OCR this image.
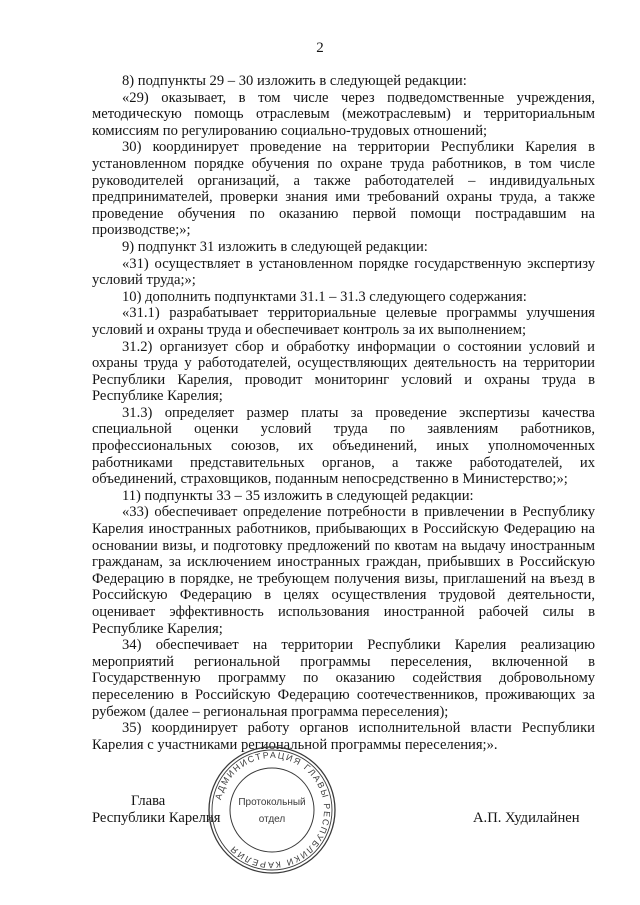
2

8) подпункты 29 – 30 изложить в следующей редакции:

«29) оказывает, в том числе через подведомственные учреждения, методическую помощь отраслевым (межотраслевым) и территориальным комиссиям по регулированию социально-трудовых отношений;

30) координирует проведение на территории Республики Карелия в установленном порядке обучения по охране труда работников, в том числе руководителей организаций, а также работодателей – индивидуальных предпринимателей, проверки знания ими требований охраны труда, а также проведение обучения по оказанию первой помощи пострадавшим на производстве;»;

9) подпункт 31 изложить в следующей редакции:

«31) осуществляет в установленном порядке государственную экспертизу условий труда;»;

10) дополнить подпунктами 31.1 – 31.3 следующего содержания:

«31.1) разрабатывает территориальные целевые программы улучшения условий и охраны труда и обеспечивает контроль за их выполнением;

31.2) организует сбор и обработку информации о состоянии условий и охраны труда у работодателей, осуществляющих деятельность на территории Республики Карелия, проводит мониторинг условий и охраны труда в Республике Карелия;

31.3) определяет размер платы за проведение экспертизы качества специальной оценки условий труда по заявлениям работников, профессиональных союзов, их объединений, иных уполномоченных работниками представительных органов, а также работодателей, их объединений, страховщиков, поданным непосредственно в Министерство;»;

11) подпункты 33 – 35 изложить в следующей редакции:

«33) обеспечивает определение потребности в привлечении в Республику Карелия иностранных работников, прибывающих в Российскую Федерацию на основании визы, и подготовку предложений по квотам на выдачу иностранным гражданам, за исключением иностранных граждан, прибывших в Российскую Федерацию в порядке, не требующем получения визы, приглашений на въезд в Российскую Федерацию в целях осуществления трудовой деятельности, оценивает эффективность использования иностранной рабочей силы в Республике Карелия;

34) обеспечивает на территории Республики Карелия реализацию мероприятий региональной программы переселения, включенной в Государственную программу по оказанию содействия добровольному переселению в Российскую Федерацию соотечественников, проживающих за рубежом (далее – региональная программа переселения);

35) координирует работу органов исполнительной власти Республики Карелия с участниками региональной программы переселения;».

Глава
Республики Карелия	А.П. Худилайнен
АДМИНИСТРАЦИЯ ГЛАВЫ РЕСПУБЛИКИ КАРЕЛИЯ
Протокольный
отдел
